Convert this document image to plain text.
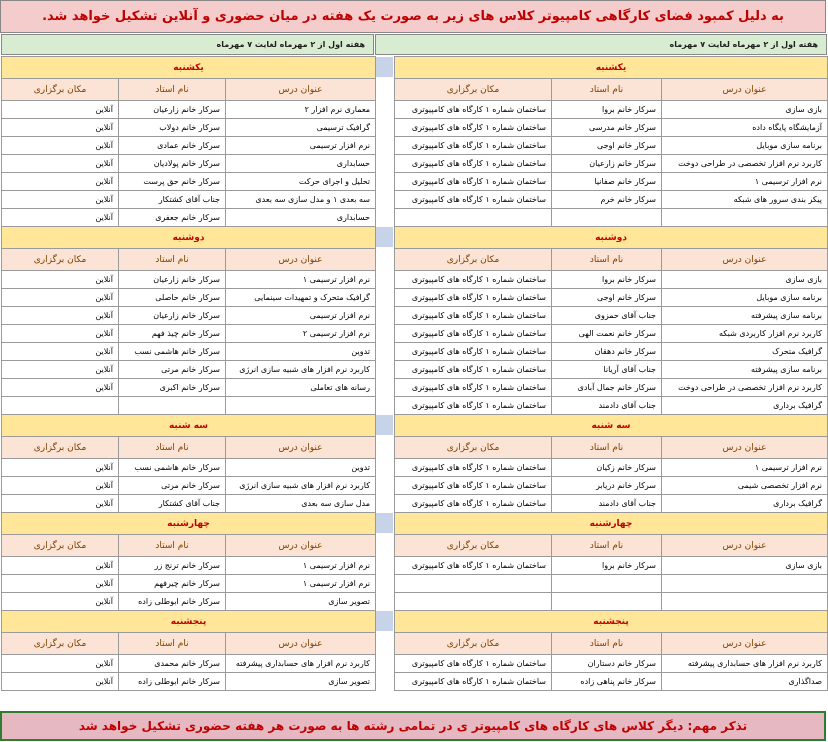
به دلیل کمبود فضای کارگاهی کامپیوتر کلاس های زیر به صورت یک هفته در میان حضوری و آنلاین تشکیل خواهد شد.
هفته اول از ۲ مهرماه لغایت ۷ مهرماه
هفته اول از ۲ مهرماه لغایت ۷ مهرماه
یکشنبه		
عنوان درس	نام استاد	مکان برگزاری
بازی سازی	سرکار خانم بروا	ساختمان شماره ۱ کارگاه های کامپیوتری
آزمایشگاه پایگاه داده	سرکار خانم مدرسی	ساختمان شماره ۱ کارگاه های کامپیوتری
برنامه سازی موبایل	سرکار خانم اوجی	ساختمان شماره ۱ کارگاه های کامپیوتری
کاربرد نرم افزار تخصصی در طراحی دوخت	سرکار خانم زارعیان	ساختمان شماره ۱ کارگاه های کامپیوتری
نرم افزار ترسیمی ۱	سرکار خانم صفانیا	ساختمان شماره ۱ کارگاه های کامپیوتری
پیکر بندی سرور های شبکه	سرکار خانم خرم	ساختمان شماره ۱ کارگاه های کامپیوتری

دوشنبه		
عنوان درس	نام استاد	مکان برگزاری
بازی سازی	سرکار خانم بروا	ساختمان شماره ۱ کارگاه های کامپیوتری
برنامه سازی موبایل	سرکار خانم اوجی	ساختمان شماره ۱ کارگاه های کامپیوتری
برنامه سازی پیشرفته	جناب آقای حمزوی	ساختمان شماره ۱ کارگاه های کامپیوتری
کاربرد نرم افزار کاربردی شبکه	سرکار خانم نعمت الهی	ساختمان شماره ۱ کارگاه های کامپیوتری
گرافیک متحرک	سرکار خانم دهقان	ساختمان شماره ۱ کارگاه های کامپیوتری
برنامه سازی پیشرفته	جناب آقای آریانا	ساختمان شماره ۱ کارگاه های کامپیوتری
کاربرد نرم افزار تخصصی در طراحی دوخت	سرکار خانم جمال آبادی	ساختمان شماره ۱ کارگاه های کامپیوتری
گرافیک برداری	جناب آقای دادمند	ساختمان شماره ۱ کارگاه های کامپیوتری
سه شنبه		
عنوان درس	نام استاد	مکان برگزاری
نرم افزار ترسیمی ۱	سرکار خانم زکیان	ساختمان شماره ۱ کارگاه های کامپیوتری
نرم افزار تخصصی شیمی	سرکار خانم دریابر	ساختمان شماره ۱ کارگاه های کامپیوتری
گرافیک برداری	جناب آقای دادمند	ساختمان شماره ۱ کارگاه های کامپیوتری
چهارشنبه		
عنوان درس	نام استاد	مکان برگزاری
بازی سازی	سرکار خانم بروا	ساختمان شماره ۱ کارگاه های کامپیوتری

پنجشنبه		
عنوان درس	نام استاد	مکان برگزاری
کاربرد نرم افزار های حسابداری پیشرفته	سرکار خانم دستاران	ساختمان شماره ۱ کارگاه های کامپیوتری
صداگذاری	سرکار خانم پناهی زاده	ساختمان شماره ۱ کارگاه های کامپیوتری
یکشنبه		
عنوان درس	نام استاد	مکان برگزاری
معماری نرم افزار ۲	سرکار خانم زارعیان	آنلاین
گرافیک ترسیمی	سرکار خانم دولاب	آنلاین
نرم افزار ترسیمی	سرکار خانم عمادی	آنلاین
حسابداری	سرکار خانم پولادیان	آنلاین
تحلیل و اجرای حرکت	سرکار خانم حق پرست	آنلاین
سه بعدی ۱ و مدل سازی سه بعدی	جناب آقای کشتکار	آنلاین
حسابداری	سرکار خانم جعفری	آنلاین
دوشنبه		
عنوان درس	نام استاد	مکان برگزاری
نرم افزار ترسیمی ۱	سرکار خانم زارعیان	آنلاین
گرافیک متحرک و تمهیدات سینمایی	سرکار خانم حاصلی	آنلاین
نرم افزار ترسیمی	سرکار خانم زارعیان	آنلاین
نرم افزار ترسیمی ۲	سرکار خانم چیذ فهم	آنلاین
تدوین	سرکار خانم هاشمی نسب	آنلاین
کاربرد نرم افزار های شبیه سازی انرژی	سرکار خانم مرتی	آنلاین
رسانه های تعاملی	سرکار خانم اکبری	آنلاین

سه شنبه		
عنوان درس	نام استاد	مکان برگزاری
تدوین	سرکار خانم هاشمی نسب	آنلاین
کاربرد نرم افزار های شبیه سازی انرژی	سرکار خانم مرتی	آنلاین
مدل سازی سه بعدی	جناب آقای کشتکار	آنلاین
چهارشنبه		
عنوان درس	نام استاد	مکان برگزاری
نرم افزار ترسیمی ۱	سرکار خانم ترنج زر	آنلاین
نرم افزار ترسیمی ۱	سرکار خانم چیرفهم	آنلاین
تصویر سازی	سرکار خانم ابوطلی زاده	آنلاین
پنجشنبه		
عنوان درس	نام استاد	مکان برگزاری
کاربرد نرم افزار های حسابداری پیشرفته	سرکار خانم محمدی	آنلاین
تصویر سازی	سرکار خانم ابوطلی زاده	آنلاین
تذکر مهم: دیگر کلاس های کارگاه های کامپیوتر ی در تمامی رشته ها به صورت هر هفته حضوری تشکیل خواهد شد
